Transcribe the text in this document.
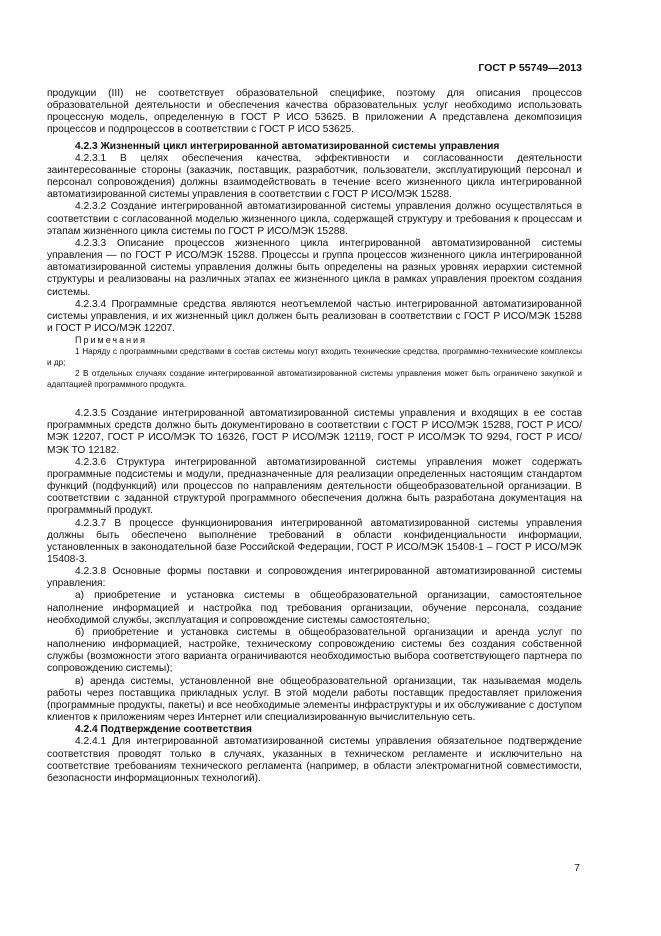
ГОСТ Р 55749—2013

продукции (III) не соответствует образовательной специфике, поэтому для описания процессов образовательной деятельности и обеспечения качества образовательных услуг необходимо использовать процессную модель, определенную в ГОСТ Р ИСО 53625. В приложении А представлена декомпозиция процессов и подпроцессов в соответствии с ГОСТ Р ИСО 53625.

4.2.3 Жизненный цикл интегрированной автоматизированной системы управления

4.2.3.1 В целях обеспечения качества, эффективности и согласованности деятельности заинтересованные стороны (заказчик, поставщик, разработчик, пользователи, эксплуатирующий персонал и персонал сопровождения) должны взаимодействовать в течение всего жизненного цикла интегрированной автоматизированной системы управления в соответствии с ГОСТ Р ИСО/МЭК 15288.

4.2.3.2 Создание интегрированной автоматизированной системы управления должно осуществляться в соответствии с согласованной моделью жизненного цикла, содержащей структуру и требования к процессам и этапам жизненного цикла системы по ГОСТ Р ИСО/МЭК 15288.

4.2.3.3 Описание процессов жизненного цикла интегрированной автоматизированной системы управления — по ГОСТ Р ИСО/МЭК 15288. Процессы и группа процессов жизненного цикла интегрированной автоматизированной системы управления должны быть определены на разных уровнях иерархии системной структуры и реализованы на различных этапах ее жизненного цикла в рамках управления проектом создания системы.

4.2.3.4 Программные средства являются неотъемлемой частью интегрированной автоматизированной системы управления, и их жизненный цикл должен быть реализован в соответствии с ГОСТ Р ИСО/МЭК 15288 и ГОСТ Р ИСО/МЭК 12207.

Примечания

1 Наряду с программными средствами в состав системы могут входить технические средства, программно-технические комплексы и др;

2 В отдельных случаях создание интегрированной автоматизированной системы управления может быть ограничено закупкой и адаптацией программного продукта.

4.2.3.5 Создание интегрированной автоматизированной системы управления и входящих в ее состав программных средств должно быть документировано в соответствии с ГОСТ Р ИСО/МЭК 15288, ГОСТ Р ИСО/МЭК 12207, ГОСТ Р ИСО/МЭК ТО 16326, ГОСТ Р ИСО/МЭК 12119, ГОСТ Р ИСО/МЭК ТО 9294, ГОСТ Р ИСО/МЭК ТО 12182.

4.2.3.6 Структура интегрированной автоматизированной системы управления может содержать программные подсистемы и модули, предназначенные для реализации определенных настоящим стандартом функций (подфункций) или процессов по направлениям деятельности общеобразовательной организации. В соответствии с заданной структурой программного обеспечения должна быть разработана документация на программный продукт.

4.2.3.7 В процессе функционирования интегрированной автоматизированной системы управления должны быть обеспечено выполнение требований в области конфиденциальности информации, установленных в законодательной базе Российской Федерации, ГОСТ Р ИСО/МЭК 15408-1 – ГОСТ Р ИСО/МЭК 15408-3.

4.2.3.8 Основные формы поставки и сопровождения интегрированной автоматизированной системы управления:

а) приобретение и установка системы в общеобразовательной организации, самостоятельное наполнение информацией и настройка под требования организации, обучение персонала, создание необходимой службы, эксплуатация и сопровождение системы самостоятельно;

б) приобретение и установка системы в общеобразовательной организации и аренда услуг по наполнению информацией, настройке, техническому сопровождению системы без создания собственной службы (возможности этого варианта ограничиваются необходимостью выбора соответствующего партнера по сопровождению системы);

в) аренда системы, установленной вне общеобразовательной организации, так называемая модель работы через поставщика прикладных услуг. В этой модели работы поставщик предоставляет приложения (программные продукты, пакеты) и все необходимые элементы инфраструктуры и их обслуживание с доступом клиентов к приложениям через Интернет или специализированную вычислительную сеть.

4.2.4 Подтверждение соответствия

4.2.4.1 Для интегрированной автоматизированной системы управления обязательное подтверждение соответствия проводят только в случаях, указанных в техническом регламенте и исключительно на соответствие требованиям технического регламента (например, в области электромагнитной совместимости, безопасности информационных технологий).

7
